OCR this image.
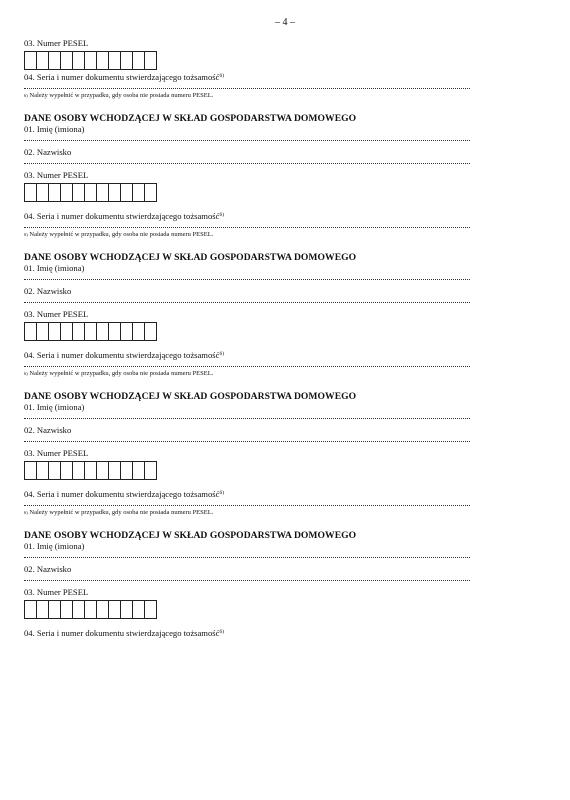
– 4 –
03. Numer PESEL
04. Seria i numer dokumentu stwierdzającego tożsamość$^{6)}$
$^{6)}$ Należy wypełnić w przypadku, gdy osoba nie posiada numeru PESEL.
DANE OSOBY WCHODZĄCEJ W SKŁAD GOSPODARSTWA DOMOWEGO
01. Imię (imiona)
02. Nazwisko
03. Numer PESEL
04. Seria i numer dokumentu stwierdzającego tożsamość$^{6)}$
$^{6)}$ Należy wypełnić w przypadku, gdy osoba nie posiada numeru PESEL.
DANE OSOBY WCHODZĄCEJ W SKŁAD GOSPODARSTWA DOMOWEGO
01. Imię (imiona)
02. Nazwisko
03. Numer PESEL
04. Seria i numer dokumentu stwierdzającego tożsamość$^{6)}$
$^{6)}$ Należy wypełnić w przypadku, gdy osoba nie posiada numeru PESEL.
DANE OSOBY WCHODZĄCEJ W SKŁAD GOSPODARSTWA DOMOWEGO
01. Imię (imiona)
02. Nazwisko
03. Numer PESEL
04. Seria i numer dokumentu stwierdzającego tożsamość$^{6)}$
$^{6)}$ Należy wypełnić w przypadku, gdy osoba nie posiada numeru PESEL.
DANE OSOBY WCHODZĄCEJ W SKŁAD GOSPODARSTWA DOMOWEGO
01. Imię (imiona)
02. Nazwisko
03. Numer PESEL
04. Seria i numer dokumentu stwierdzającego tożsamość$^{6)}$
